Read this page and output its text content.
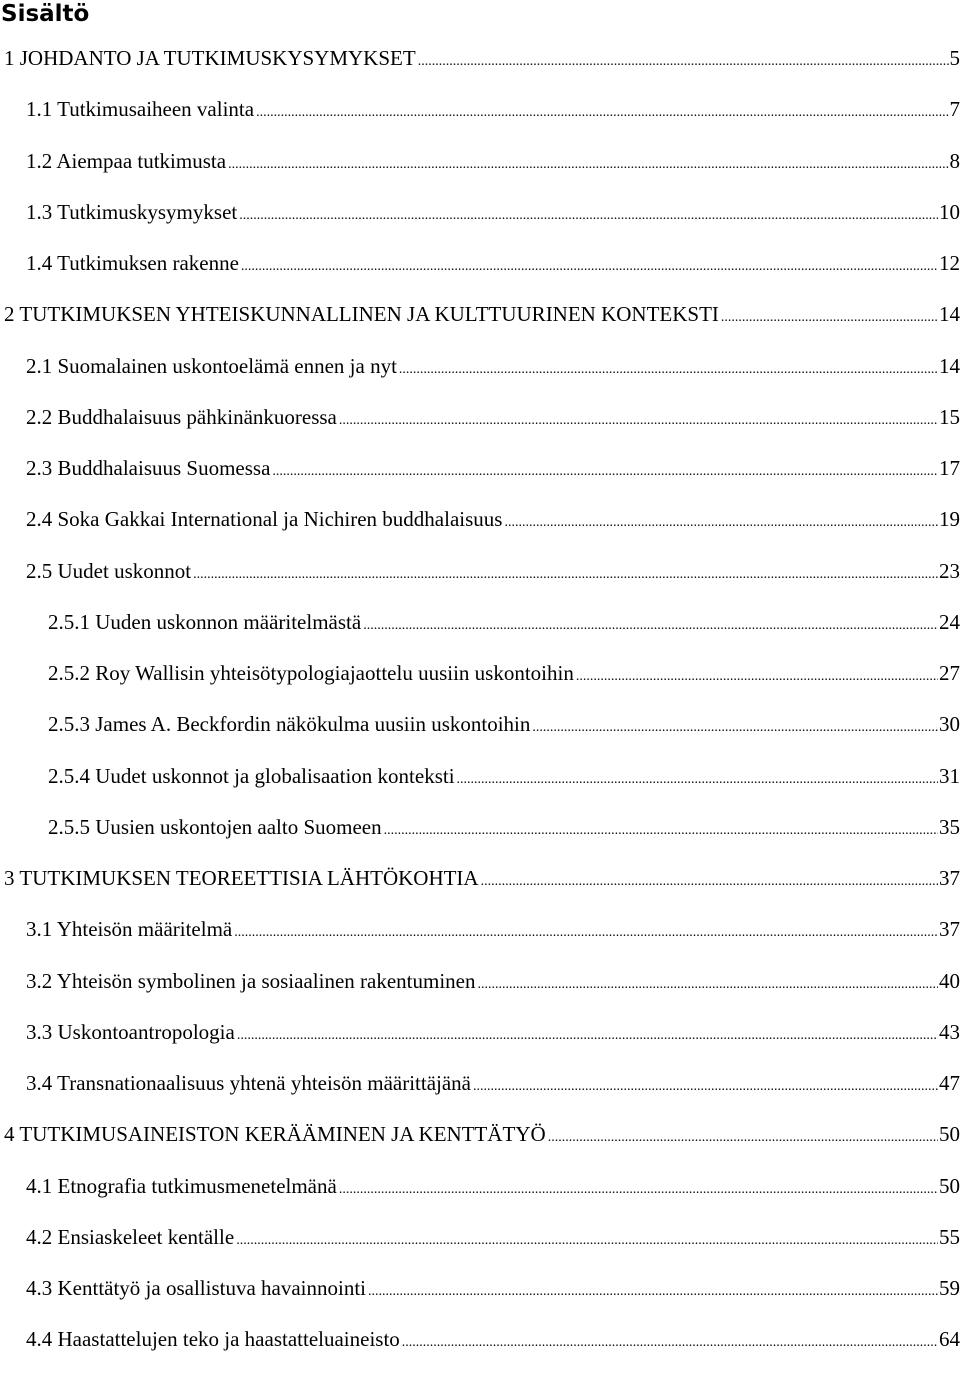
Sisältö
1 JOHDANTO JA TUTKIMUSKYSYMYKSET .....	5
1.1 Tutkimusaiheen valinta .....	7
1.2 Aiempaa tutkimusta .....	8
1.3 Tutkimuskysymykset .....	10
1.4 Tutkimuksen rakenne .....	12
2 TUTKIMUKSEN YHTEISKUNNALLINEN JA KULTTUURINEN KONTEKSTI .....	14
2.1 Suomalainen uskontoelämä ennen ja nyt .....	14
2.2 Buddhalaisuus pähkinänkuoressa .....	15
2.3 Buddhalaisuus Suomessa .....	17
2.4 Soka Gakkai International ja Nichiren buddhalaisuus .....	19
2.5 Uudet uskonnot .....	23
2.5.1 Uuden uskonnon määritelmästä .....	24
2.5.2 Roy Wallisin yhteisötypologiajaottelu uusiin uskontoihin .....	27
2.5.3 James A. Beckfordin näkökulma uusiin uskontoihin .....	30
2.5.4 Uudet uskonnot ja globalisaation konteksti .....	31
2.5.5 Uusien uskontojen aalto Suomeen .....	35
3 TUTKIMUKSEN TEOREETTISIA LÄHTÖKOHTIA .....	37
3.1 Yhteisön määritelmä .....	37
3.2 Yhteisön symbolinen ja sosiaalinen rakentuminen .....	40
3.3 Uskontoantropologia .....	43
3.4 Transnationaalisuus yhtenä yhteisön määrittäjänä .....	47
4 TUTKIMUSAINEISTON KERÄÄMINEN JA KENTTÄTYÖ .....	50
4.1 Etnografia tutkimusmenetelmänä .....	50
4.2 Ensiaskeleet kentälle .....	55
4.3 Kenttätyö ja osallistuva havainnointi .....	59
4.4 Haastattelujen teko ja haastatteluaineisto .....	64
